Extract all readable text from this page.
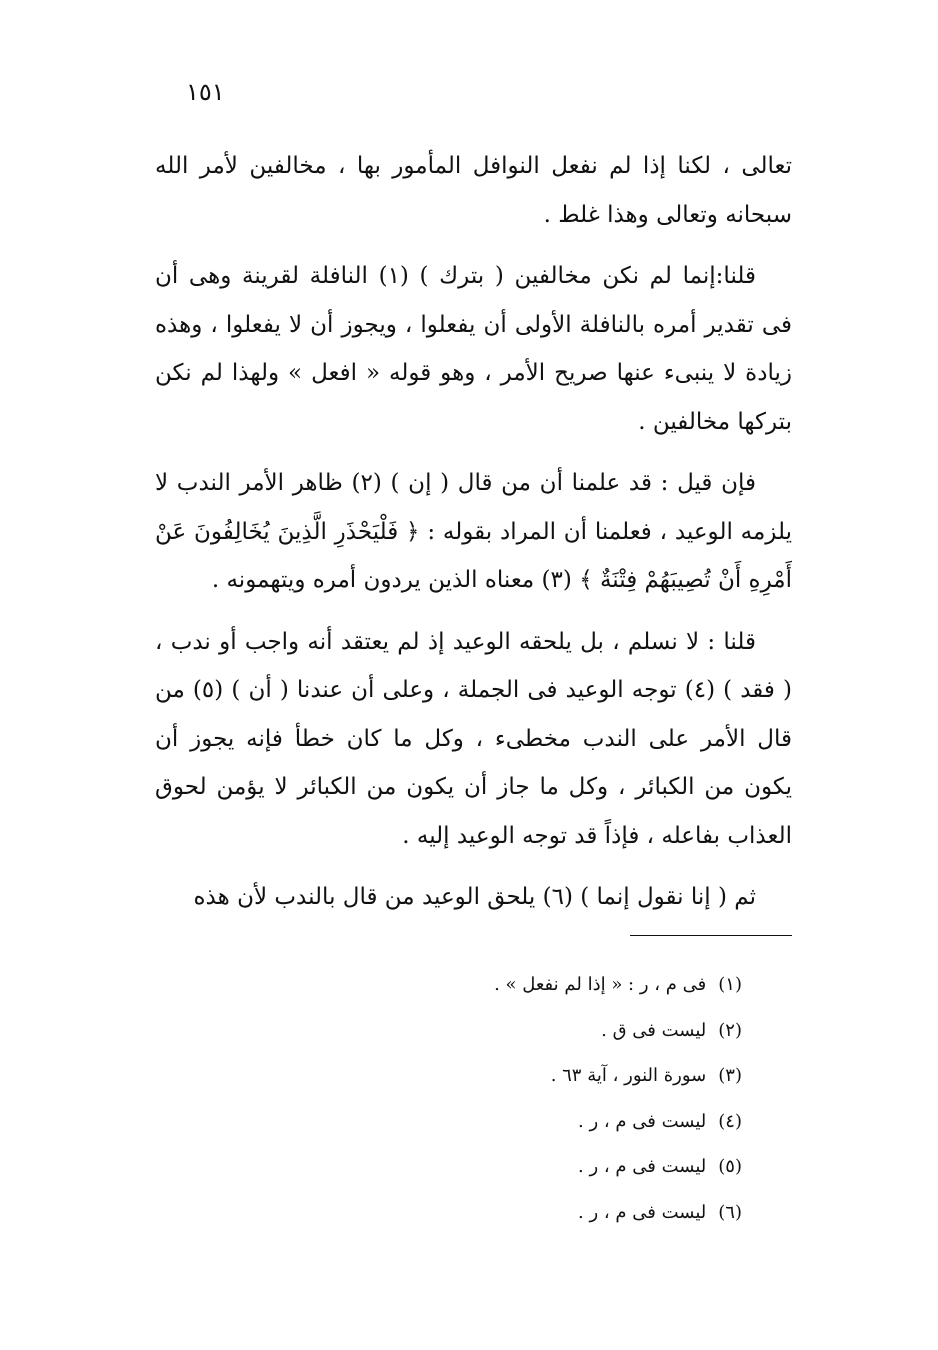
١٥١

تعالى ، لكنا إذا لم نفعل النوافل المأمور بها ، مخالفين لأمر الله سبحانه وتعالى وهذا غلط .

قلنا:إنما لم نكن مخالفين ( بترك ) (١) النافلة لقرينة وهى أن فى تقدير أمره بالنافلة الأولى أن يفعلوا ، ويجوز أن لا يفعلوا ، وهذه زيادة لا ينبىء عنها صريح الأمر ، وهو قوله « افعل » ولهذا لم نكن بتركها مخالفين .

فإن قيل : قد علمنا أن من قال ( إن ) (٢) ظاهر الأمر الندب لا يلزمه الوعيد ، فعلمنا أن المراد بقوله : ﴿ فَلْيَحْذَرِ الَّذِينَ يُخَالِفُونَ عَنْ أَمْرِهِ أَنْ تُصِيبَهُمْ فِتْنَةٌ ﴾ (٣) معناه الذين يردون أمره ويتهمونه .

قلنا : لا نسلم ، بل يلحقه الوعيد إذ لم يعتقد أنه واجب أو ندب ، ( فقد ) (٤) توجه الوعيد فى الجملة ، وعلى أن عندنا ( أن ) (٥) من قال الأمر على الندب مخطىء ، وكل ما كان خطأ فإنه يجوز أن يكون من الكبائر ، وكل ما جاز أن يكون من الكبائر لا يؤمن لحوق العذاب بفاعله ، فإذاً قد توجه الوعيد إليه .

ثم ( إنا نقول إنما ) (٦) يلحق الوعيد من قال بالندب لأن هذه

(١) فى م ، ر : « إذا لم نفعل » .
(٢) ليست فى ق .
(٣) سورة النور ، آية ٦٣ .
(٤) ليست فى م ، ر .
(٥) ليست فى م ، ر .
(٦) ليست فى م ، ر .
